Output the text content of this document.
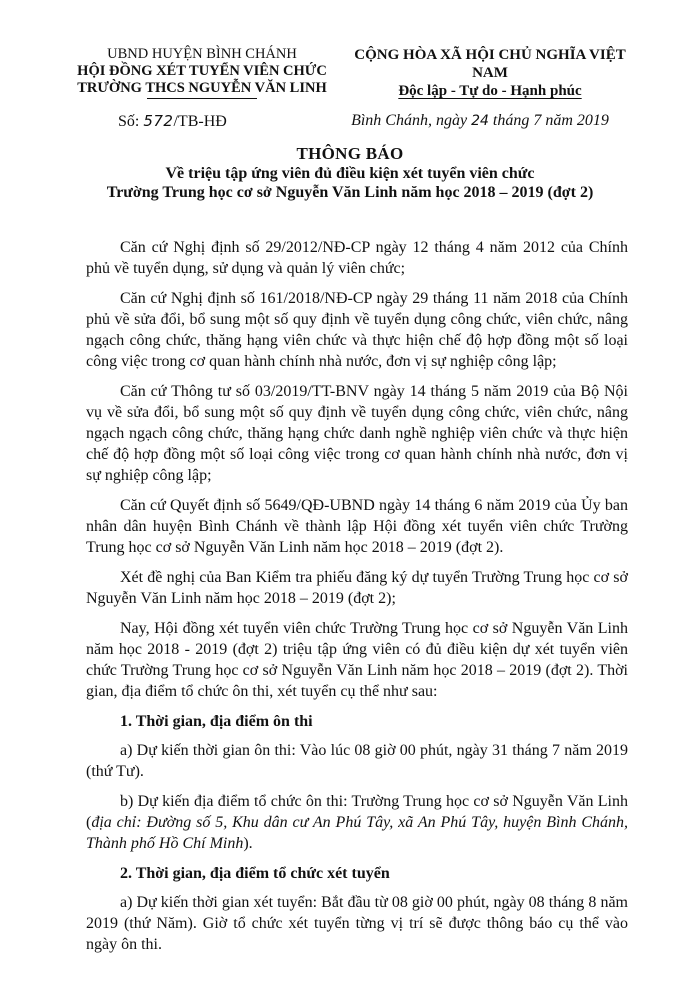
UBND HUYỆN BÌNH CHÁNH
HỘI ĐỒNG XÉT TUYỂN VIÊN CHỨC
TRƯỜNG THCS NGUYỄN VĂN LINH
CỘNG HÒA XÃ HỘI CHỦ NGHĨA VIỆT NAM
Độc lập - Tự do - Hạnh phúc
Số: 572/TB-HĐ	Bình Chánh, ngày 24 tháng 7 năm 2019
THÔNG BÁO
Về triệu tập ứng viên đủ điều kiện xét tuyển viên chức
Trường Trung học cơ sở Nguyễn Văn Linh năm học 2018 – 2019 (đợt 2)

Căn cứ Nghị định số 29/2012/NĐ-CP ngày 12 tháng 4 năm 2012 của Chính phủ về tuyển dụng, sử dụng và quản lý viên chức;

Căn cứ Nghị định số 161/2018/NĐ-CP ngày 29 tháng 11 năm 2018 của Chính phủ về sửa đổi, bổ sung một số quy định về tuyển dụng công chức, viên chức, nâng ngạch công chức, thăng hạng viên chức và thực hiện chế độ hợp đồng một số loại công việc trong cơ quan hành chính nhà nước, đơn vị sự nghiệp công lập;

Căn cứ Thông tư số 03/2019/TT-BNV ngày 14 tháng 5 năm 2019 của Bộ Nội vụ về sửa đổi, bổ sung một số quy định về tuyển dụng công chức, viên chức, nâng ngạch ngạch công chức, thăng hạng chức danh nghề nghiệp viên chức và thực hiện chế độ hợp đồng một số loại công việc trong cơ quan hành chính nhà nước, đơn vị sự nghiệp công lập;

Căn cứ Quyết định số 5649/QĐ-UBND ngày 14 tháng 6 năm 2019 của Ủy ban nhân dân huyện Bình Chánh về thành lập Hội đồng xét tuyển viên chức Trường Trung học cơ sở Nguyễn Văn Linh năm học 2018 – 2019 (đợt 2).

Xét đề nghị của Ban Kiểm tra phiếu đăng ký dự tuyển Trường Trung học cơ sở Nguyễn Văn Linh năm học 2018 – 2019 (đợt 2);

Nay, Hội đồng xét tuyển viên chức Trường Trung học cơ sở Nguyễn Văn Linh năm học 2018 - 2019 (đợt 2) triệu tập ứng viên có đủ điều kiện dự xét tuyển viên chức Trường Trung học cơ sở Nguyễn Văn Linh năm học 2018 – 2019 (đợt 2). Thời gian, địa điểm tổ chức ôn thi, xét tuyển cụ thể như sau:

1. Thời gian, địa điểm ôn thi

a) Dự kiến thời gian ôn thi: Vào lúc 08 giờ 00 phút, ngày 31 tháng 7 năm 2019 (thứ Tư).

b) Dự kiến địa điểm tổ chức ôn thi: Trường Trung học cơ sở Nguyễn Văn Linh (địa chỉ: Đường số 5, Khu dân cư An Phú Tây, xã An Phú Tây, huyện Bình Chánh, Thành phố Hồ Chí Minh).

2. Thời gian, địa điểm tổ chức xét tuyển

a) Dự kiến thời gian xét tuyển: Bắt đầu từ 08 giờ 00 phút, ngày 08 tháng 8 năm 2019 (thứ Năm). Giờ tổ chức xét tuyển từng vị trí sẽ được thông báo cụ thể vào ngày ôn thi.
